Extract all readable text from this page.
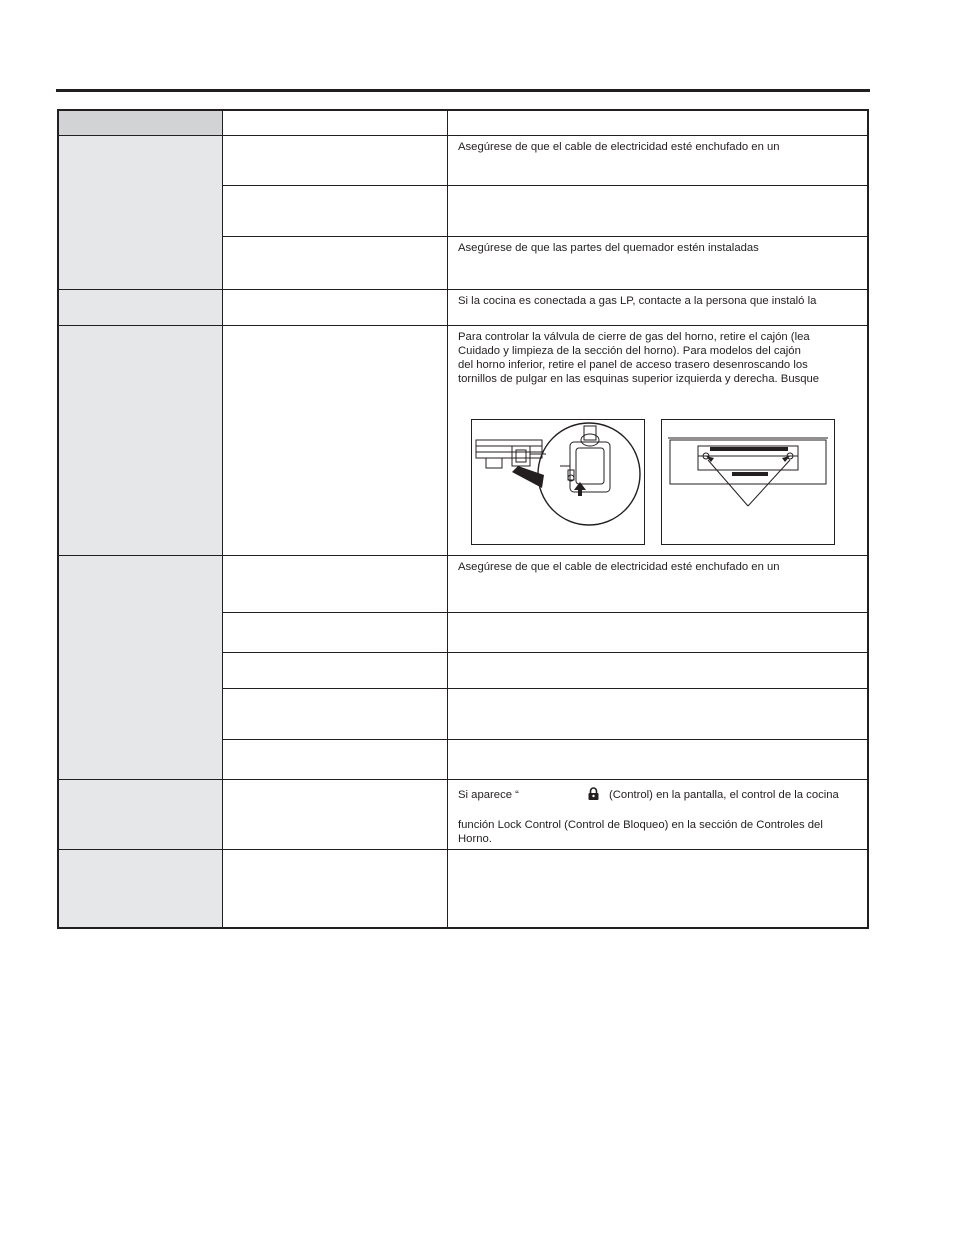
Asegúrese de que el cable de electricidad esté enchufado en un
Asegúrese de que las partes del quemador estén instaladas
Si la cocina es conectada a gas LP, contacte a la persona que instaló la
Para controlar la válvula de cierre de gas del horno, retire el cajón (lea
Cuidado y limpieza de la sección del horno). Para modelos del cajón
del horno inferior, retire el panel de acceso trasero desenroscando los
tornillos de pulgar en las esquinas superior izquierda y derecha. Busque
Asegúrese de que el cable de electricidad esté enchufado en un
Si aparece “	(Control) en la pantalla, el control de la cocina
función Lock Control (Control de Bloqueo) en la sección de Controles del
Horno.
